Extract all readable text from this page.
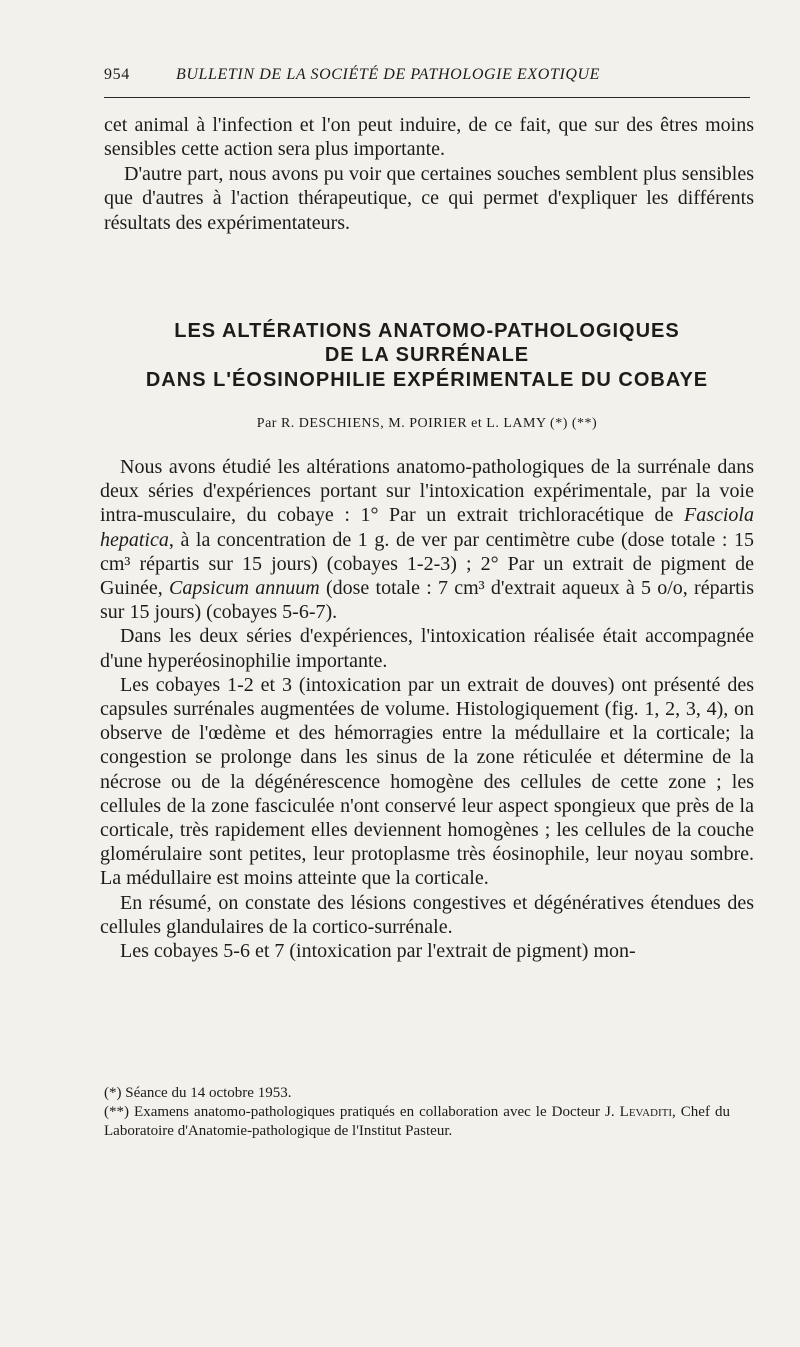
954	BULLETIN DE LA SOCIÉTÉ DE PATHOLOGIE EXOTIQUE
cet animal à l'infection et l'on peut induire, de ce fait, que sur des êtres moins sensibles cette action sera plus importante.
D'autre part, nous avons pu voir que certaines souches semblent plus sensibles que d'autres à l'action thérapeutique, ce qui permet d'expliquer les différents résultats des expérimentateurs.
LES ALTÉRATIONS ANATOMO-PATHOLOGIQUES
DE LA SURRÉNALE
DANS L'ÉOSINOPHILIE EXPÉRIMENTALE DU COBAYE
Par R. DESCHIENS, M. POIRIER et L. LAMY (*) (**)

Nous avons étudié les altérations anatomo-pathologiques de la surrénale dans deux séries d'expériences portant sur l'intoxication expérimentale, par la voie intra-musculaire, du cobaye : 1° Par un extrait trichloracétique de Fasciola hepatica, à la concentration de 1 g. de ver par centimètre cube (dose totale : 15 cm³ répartis sur 15 jours) (cobayes 1-2-3) ; 2° Par un extrait de pigment de Guinée, Capsicum annuum (dose totale : 7 cm³ d'extrait aqueux à 5 o/o, répartis sur 15 jours) (cobayes 5-6-7).

Dans les deux séries d'expériences, l'intoxication réalisée était accompagnée d'une hyperéosinophilie importante.

Les cobayes 1-2 et 3 (intoxication par un extrait de douves) ont présenté des capsules surrénales augmentées de volume. Histologiquement (fig. 1, 2, 3, 4), on observe de l'œdème et des hémorragies entre la médullaire et la corticale; la congestion se prolonge dans les sinus de la zone réticulée et détermine de la nécrose ou de la dégénérescence homogène des cellules de cette zone ; les cellules de la zone fasciculée n'ont conservé leur aspect spongieux que près de la corticale, très rapidement elles deviennent homogènes ; les cellules de la couche glomérulaire sont petites, leur protoplasme très éosinophile, leur noyau sombre. La médullaire est moins atteinte que la corticale.

En résumé, on constate des lésions congestives et dégénératives étendues des cellules glandulaires de la cortico-surrénale.

Les cobayes 5-6 et 7 (intoxication par l'extrait de pigment) mon-

(*) Séance du 14 octobre 1953.

(**) Examens anatomo-pathologiques pratiqués en collaboration avec le Docteur J. Levaditi, Chef du Laboratoire d'Anatomie-pathologique de l'Institut Pasteur.
